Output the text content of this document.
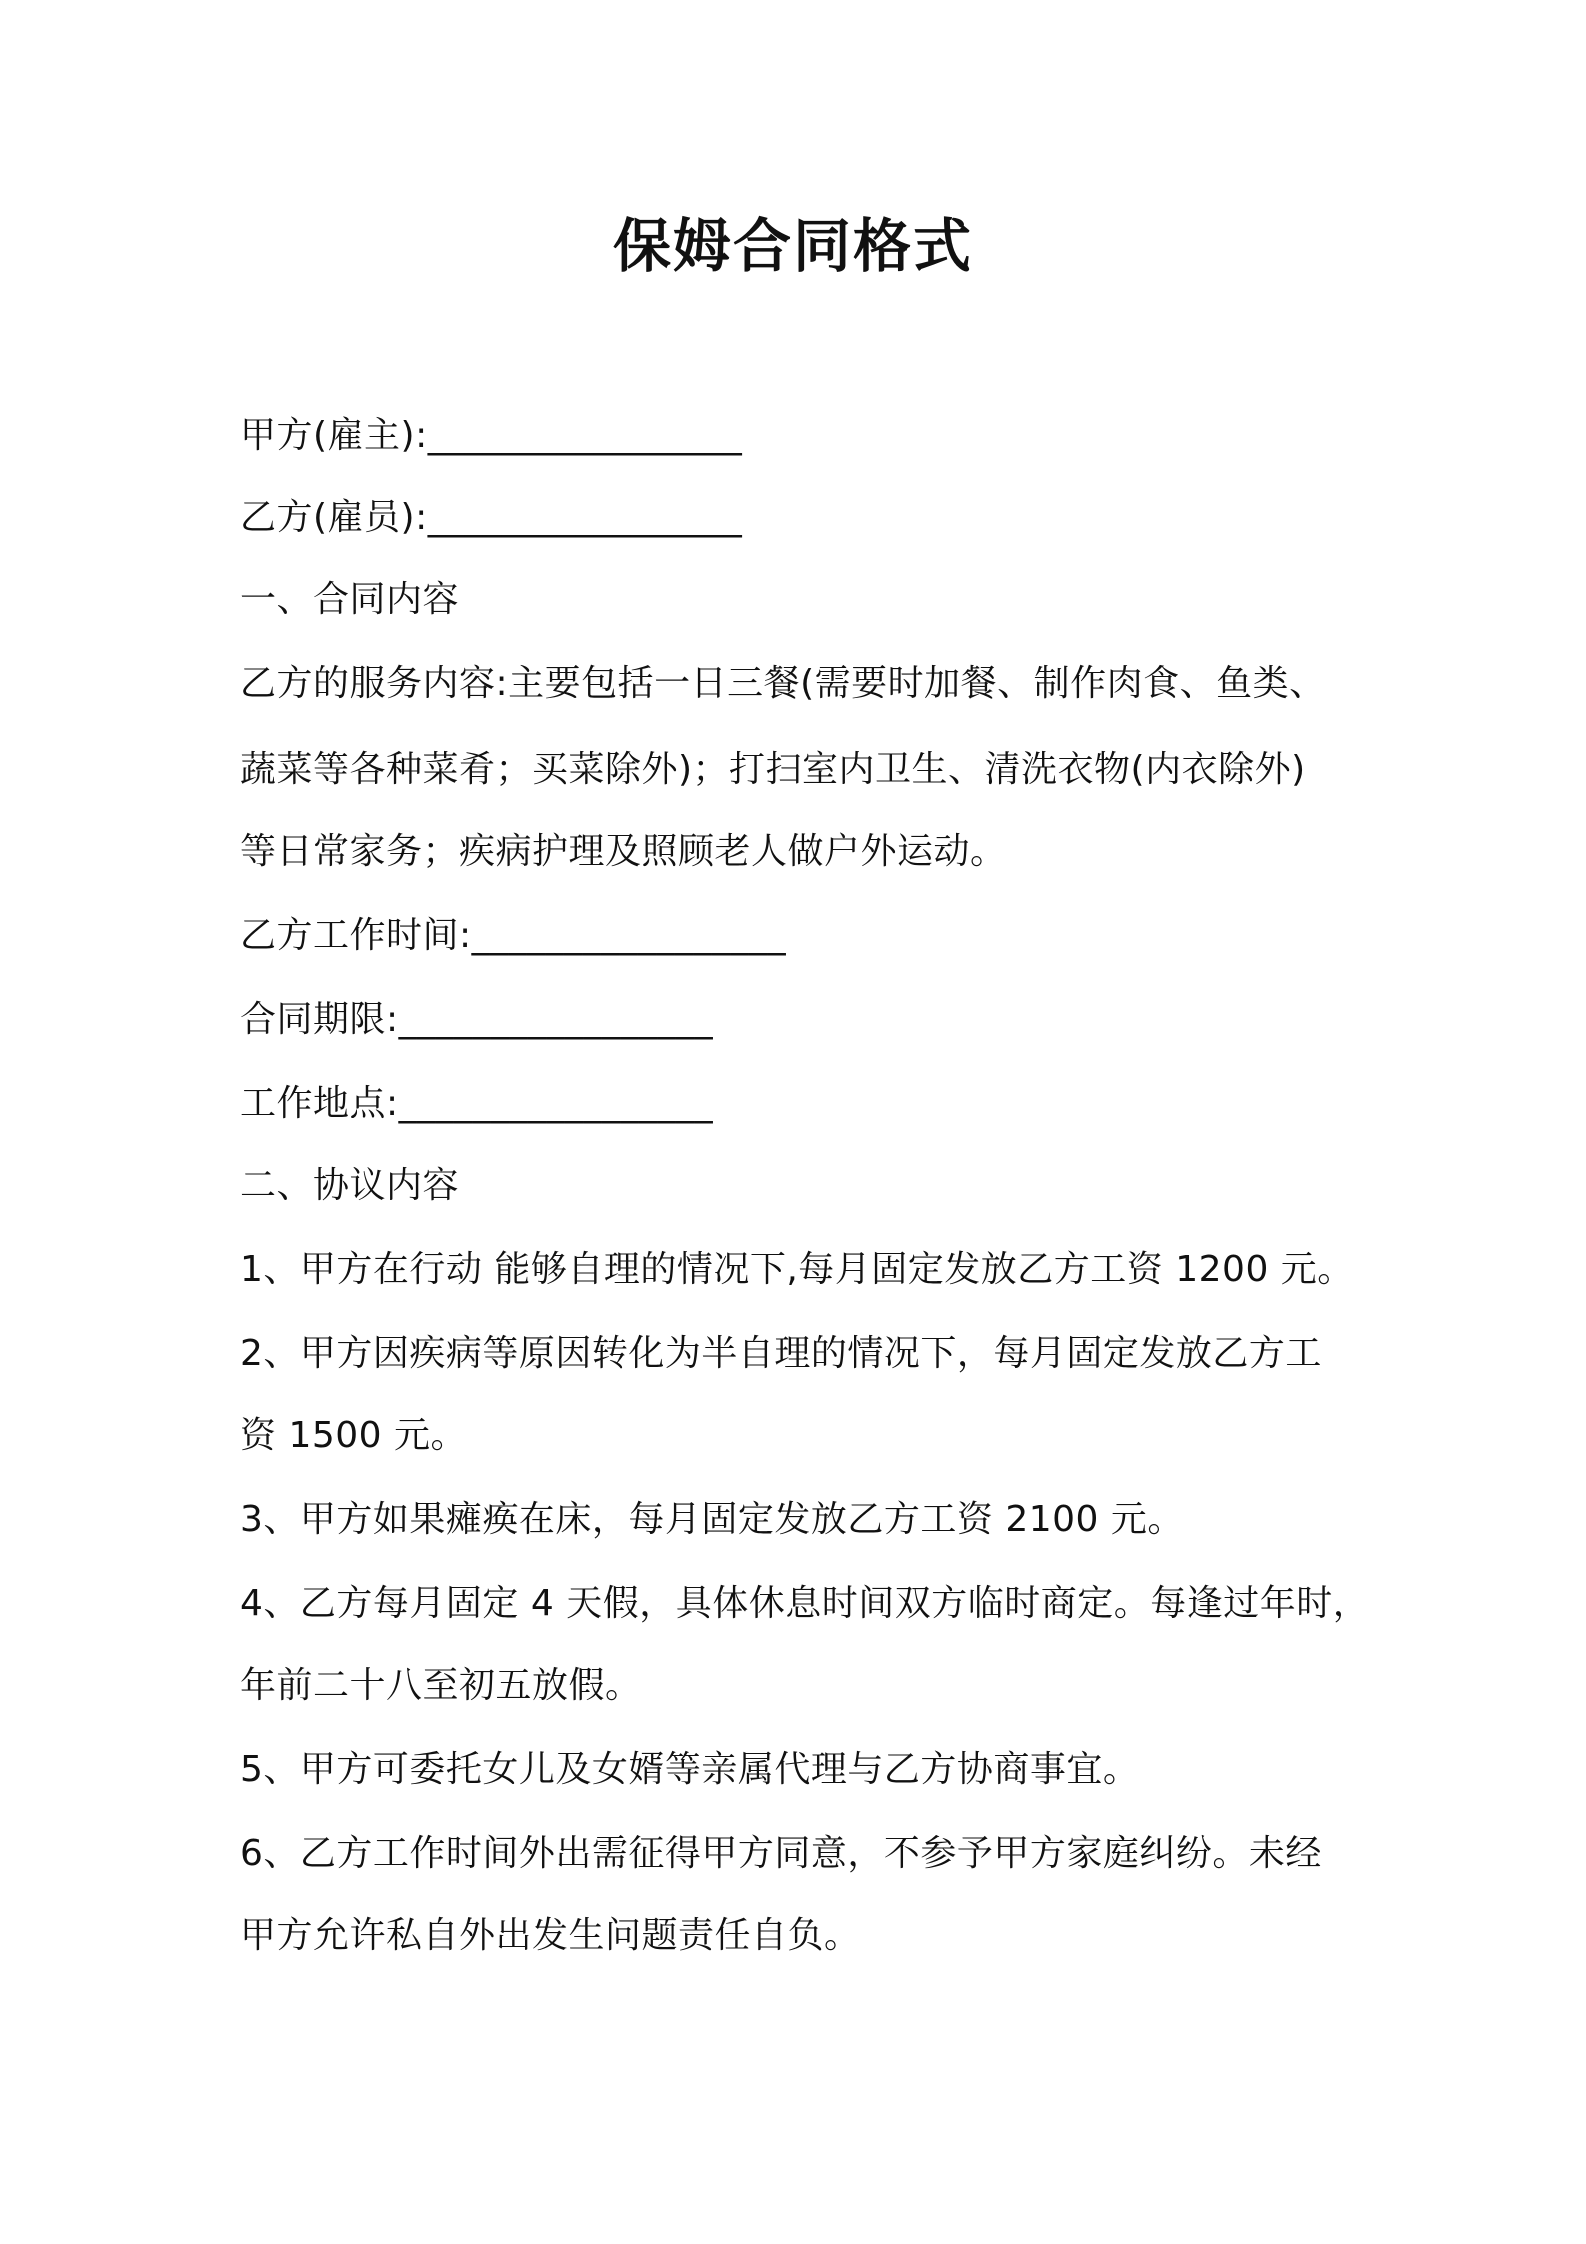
保姆合同格式
甲方(雇主):_________________
乙方(雇员):_________________
一、合同内容
乙方的服务内容:主要包括一日三餐(需要时加餐、制作肉食、鱼类、
蔬菜等各种菜肴；买菜除外)；打扫室内卫生、清洗衣物(内衣除外)
等日常家务；疾病护理及照顾老人做户外运动。
乙方工作时间:_________________
合同期限:_________________
工作地点:_________________
二、协议内容
1、甲方在行动 能够自理的情况下,每月固定发放乙方工资 1200 元。
2、甲方因疾病等原因转化为半自理的情况下，每月固定发放乙方工
资 1500 元。
3、甲方如果瘫痪在床，每月固定发放乙方工资 2100 元。
4、乙方每月固定 4 天假，具体休息时间双方临时商定。每逢过年时，
年前二十八至初五放假。
5、甲方可委托女儿及女婿等亲属代理与乙方协商事宜。
6、乙方工作时间外出需征得甲方同意，不参予甲方家庭纠纷。未经
甲方允许私自外出发生问题责任自负。
